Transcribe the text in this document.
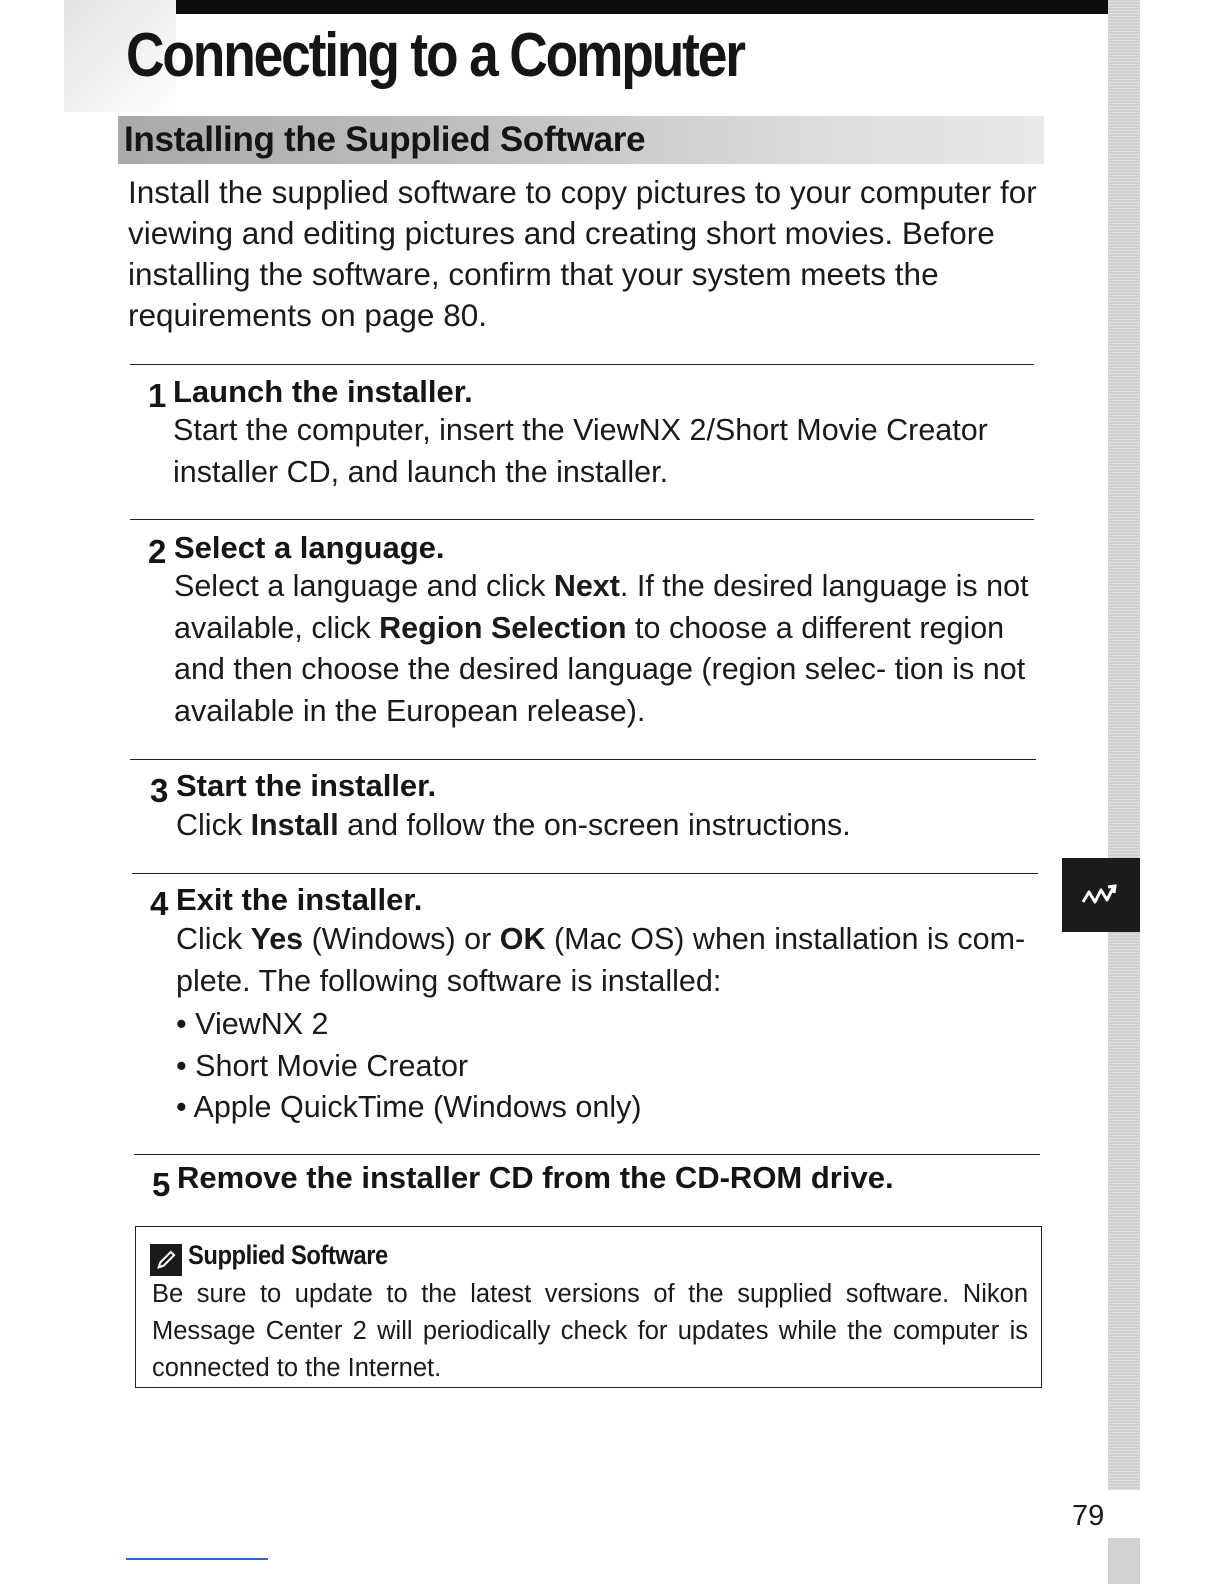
Connecting to a Computer
Installing the Supplied Software

Install the supplied software to copy pictures to your computer for viewing and editing pictures and creating short movies. Before installing the software, confirm that your system meets the requirements on page 80.

1 Launch the installer.

Start the computer, insert the ViewNX 2/Short Movie Creator installer CD, and launch the installer.

2 Select a language.

Select a language and click Next. If the desired language is not available, click Region Selection to choose a different region and then choose the desired language (region selec- tion is not available in the European release).

3 Start the installer.

Click Install and follow the on-screen instructions.

4 Exit the installer.

Click Yes (Windows) or OK (Mac OS) when installation is com- plete. The following software is installed:

• ViewNX 2
• Short Movie Creator
• Apple QuickTime (Windows only)
5 Remove the installer CD from the CD-ROM drive.
Supplied Software

Be sure to update to the latest versions of the supplied software. Nikon Message Center 2 will periodically check for updates while the computer is connected to the Internet.

79
